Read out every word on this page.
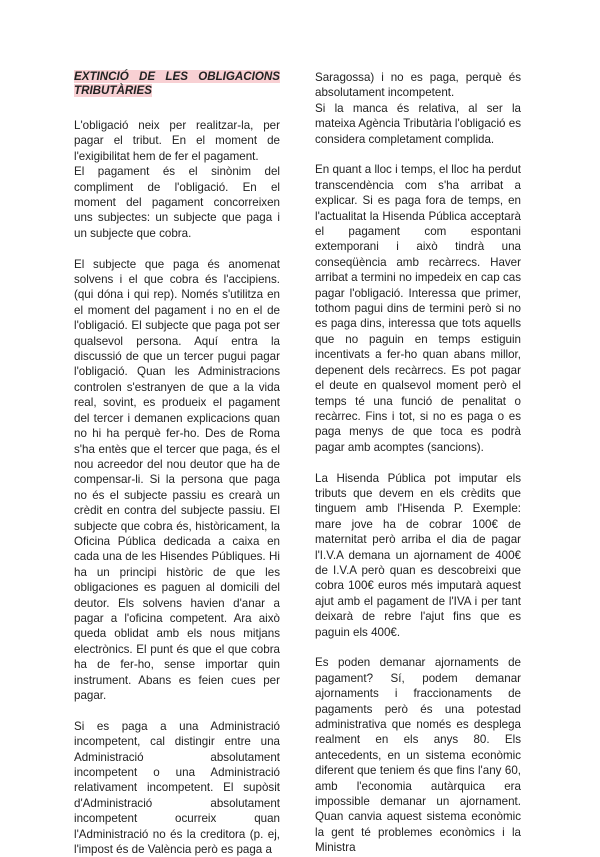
EXTINCIÓ DE LES OBLIGACIONS
TRIBUTÀRIES

L'obligació neix per realitzar-la, per pagar el tribut. En el moment de l'exigibilitat hem de fer el pagament.

El pagament és el sinònim del compliment de l'obligació. En el moment del pagament concorreixen uns subjectes: un subjecte que paga i un subjecte que cobra.

El subjecte que paga és anomenat solvens i el que cobra és l'accipiens. (qui dóna i qui rep). Només s'utilitza en el moment del pagament i no en el de l'obligació. El subjecte que paga pot ser qualsevol persona. Aquí entra la discussió de que un tercer pugui pagar l'obligació. Quan les Administracions controlen s'estranyen de que a la vida real, sovint, es produeix el pagament del tercer i demanen explicacions quan no hi ha perquè fer-ho. Des de Roma s'ha entès que el tercer que paga, és el nou acreedor del nou deutor que ha de compensar-li. Si la persona que paga no és el subjecte passiu es crearà un crèdit en contra del subjecte passiu. El subjecte que cobra és, històricament, la Oficina Pública dedicada a caixa en cada una de les Hisendes Públiques. Hi ha un principi històric de que les obligaciones es paguen al domicili del deutor. Els solvens havien d'anar a pagar a l'oficina competent. Ara això queda oblidat amb els nous mitjans electrònics. El punt és que el que cobra ha de fer-ho, sense importar quin instrument. Abans es feien cues per pagar.

Si es paga a una Administració incompetent, cal distingir entre una Administració absolutament incompetent o una Administració relativament incompetent. El supòsit d'Administració absolutament incompetent ocurreix quan l'Administració no és la creditora (p. ej, l'impost és de València però es paga a

Saragossa) i no es paga, perquè és absolutament incompetent.
Si la manca és relativa, al ser la mateixa Agència Tributària l'obligació es considera completament complida.

En quant a lloc i temps, el lloc ha perdut transcendència com s'ha arribat a explicar. Si es paga fora de temps, en l'actualitat la Hisenda Pública acceptarà el pagament com espontani extemporani i això tindrà una conseqüència amb recàrrecs. Haver arribat a termini no impedeix en cap cas pagar l'obligació. Interessa que primer, tothom pagui dins de termini però si no es paga dins, interessa que tots aquells que no paguin en temps estiguin incentivats a fer-ho quan abans millor, depenent dels recàrrecs. Es pot pagar el deute en qualsevol moment però el temps té una funció de penalitat o recàrrec. Fins i tot, si no es paga o es paga menys de que toca es podrà pagar amb acomptes (sancions).

La Hisenda Pública pot imputar els tributs que devem en els crèdits que tinguem amb l'Hisenda P. Exemple: mare jove ha de cobrar 100€ de maternitat però arriba el dia de pagar l'I.V.A demana un ajornament de 400€ de I.V.A però quan es descobreixi que cobra 100€ euros més imputarà aquest ajut amb el pagament de l'IVA i per tant deixarà de rebre l'ajut fins que es paguin els 400€.

Es poden demanar ajornaments de pagament? Sí, podem demanar ajornaments i fraccionaments de pagaments però és una potestad administrativa que només es desplega realment en els anys 80. Els antecedents, en un sistema econòmic diferent que teniem és que fins l'any 60, amb l'economia autàrquica era impossible demanar un ajornament. Quan canvia aquest sistema econòmic la gent té problemes econòmics i la Ministra
